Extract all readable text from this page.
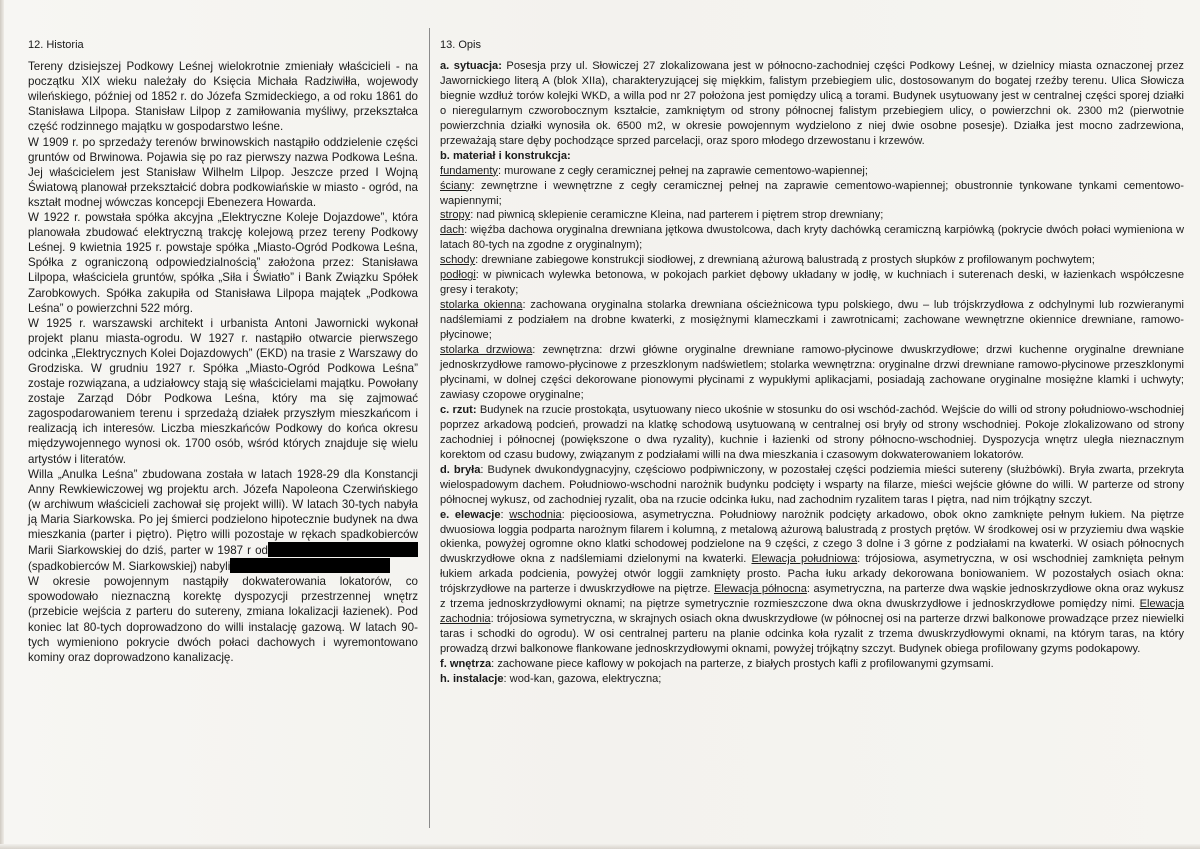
12. Historia

Tereny dzisiejszej Podkowy Leśnej wielokrotnie zmieniały właścicieli - na początku XIX wieku należały do Księcia Michała Radziwiłła, wojewody wileńskiego, później od 1852 r. do Józefa Szmideckiego, a od roku 1861 do Stanisława Lilpopa. Stanisław Lilpop z zamiłowania myśliwy, przekształca część rodzinnego majątku w gospodarstwo leśne.

W 1909 r. po sprzedaży terenów brwinowskich nastąpiło oddzielenie części gruntów od Brwinowa. Pojawia się po raz pierwszy nazwa Podkowa Leśna. Jej właścicielem jest Stanisław Wilhelm Lilpop. Jeszcze przed I Wojną Światową planował przekształcić dobra podkowiańskie w miasto - ogród, na kształt modnej wówczas koncepcji Ebenezera Howarda.

W 1922 r. powstała spółka akcyjna „Elektryczne Koleje Dojazdowe”, która planowała zbudować elektryczną trakcję kolejową przez tereny Podkowy Leśnej. 9 kwietnia 1925 r. powstaje spółka „Miasto-Ogród Podkowa Leśna, Spółka z ograniczoną odpowiedzialnością” założona przez: Stanisława Lilpopa, właściciela gruntów, spółka „Siła i Światło” i Bank Związku Spółek Zarobkowych. Spółka zakupiła od Stanisława Lilpopa majątek „Podkowa Leśna” o powierzchni 522 mórg.

W 1925 r. warszawski architekt i urbanista Antoni Jawornicki wykonał projekt planu miasta-ogrodu. W 1927 r. nastąpiło otwarcie pierwszego odcinka „Elektrycznych Kolei Dojazdowych” (EKD) na trasie z Warszawy do Grodziska. W grudniu 1927 r. Spółka „Miasto-Ogród Podkowa Leśna” zostaje rozwiązana, a udziałowcy stają się właścicielami majątku. Powołany zostaje Zarząd Dóbr Podkowa Leśna, który ma się zajmować zagospodarowaniem terenu i sprzedażą działek przyszłym mieszkańcom i realizacją ich interesów. Liczba mieszkańców Podkowy do końca okresu międzywojennego wynosi ok. 1700 osób, wśród których znajduje się wielu artystów i literatów.

Willa „Anulka Leśna” zbudowana została w latach 1928-29 dla Konstancji Anny Rewkiewiczowej wg projektu arch. Józefa Napoleona Czerwińskiego (w archiwum właścicieli zachował się projekt willi). W latach 30-tych nabyła ją Maria Siarkowska. Po jej śmierci podzielono hipotecznie budynek na dwa mieszkania (parter i piętro). Piętro willi pozostaje w rękach spadkobierców Marii Siarkowskiej do dziś, parter w 1987 r od (spadkobierców M. Siarkowskiej) nabyli

W okresie powojennym nastąpiły dokwaterowania lokatorów, co spowodowało nieznaczną korektę dyspozycji przestrzennej wnętrz (przebicie wejścia z parteru do sutereny, zmiana lokalizacji łazienek). Pod koniec lat 80-tych doprowadzono do willi instalację gazową. W latach 90-tych wymieniono pokrycie dwóch połaci dachowych i wyremontowano kominy oraz doprowadzono kanalizację.

13. Opis

a. sytuacja: Posesja przy ul. Słowiczej 27 zlokalizowana jest w północno-zachodniej części Podkowy Leśnej, w dzielnicy miasta oznaczonej przez Jawornickiego literą A (blok XIIa), charakteryzującej się miękkim, falistym przebiegiem ulic, dostosowanym do bogatej rzeźby terenu. Ulica Słowicza biegnie wzdłuż torów kolejki WKD, a willa pod nr 27 położona jest pomiędzy ulicą a torami. Budynek usytuowany jest w centralnej części sporej działki o nieregularnym czworobocznym kształcie, zamkniętym od strony północnej falistym przebiegiem ulicy, o powierzchni ok. 2300 m2 (pierwotnie powierzchnia działki wynosiła ok. 6500 m2, w okresie powojennym wydzielono z niej dwie osobne posesje). Działka jest mocno zadrzewiona, przeważają stare dęby pochodzące sprzed parcelacji, oraz sporo młodego drzewostanu i krzewów.

b. materiał i konstrukcja:

fundamenty: murowane z cegły ceramicznej pełnej na zaprawie cementowo-wapiennej;

ściany: zewnętrzne i wewnętrzne z cegły ceramicznej pełnej na zaprawie cementowo-wapiennej; obustronnie tynkowane tynkami cementowo-wapiennymi;

stropy: nad piwnicą sklepienie ceramiczne Kleina, nad parterem i piętrem strop drewniany;

dach: więźba dachowa oryginalna drewniana jętkowa dwustolcowa, dach kryty dachówką ceramiczną karpiówką (pokrycie dwóch połaci wymieniona w latach 80-tych na zgodne z oryginalnym);

schody: drewniane zabiegowe konstrukcji siodłowej, z drewnianą ażurową balustradą z prostych słupków z profilowanym pochwytem;

podłogi: w piwnicach wylewka betonowa, w pokojach parkiet dębowy układany w jodłę, w kuchniach i suterenach deski, w łazienkach współczesne gresy i terakoty;

stolarka okienna: zachowana oryginalna stolarka drewniana ościeżnicowa typu polskiego, dwu – lub trójskrzydłowa z odchylnymi lub rozwieranymi nadślemiami z podziałem na drobne kwaterki, z mosiężnymi klameczkami i zawrotnicami; zachowane wewnętrzne okiennice drewniane, ramowo-płycinowe;

stolarka drzwiowa: zewnętrzna: drzwi główne oryginalne drewniane ramowo-płycinowe dwuskrzydłowe; drzwi kuchenne oryginalne drewniane jednoskrzydłowe ramowo-płycinowe z przeszklonym nadświetlem; stolarka wewnętrzna: oryginalne drzwi drewniane ramowo-płycinowe przeszklonymi płycinami, w dolnej części dekorowane pionowymi płycinami z wypukłymi aplikacjami, posiadają zachowane oryginalne mosiężne klamki i uchwyty; zawiasy czopowe oryginalne;

c. rzut: Budynek na rzucie prostokąta, usytuowany nieco ukośnie w stosunku do osi wschód-zachód. Wejście do willi od strony południowo-wschodniej poprzez arkadową podcień, prowadzi na klatkę schodową usytuowaną w centralnej osi bryły od strony wschodniej. Pokoje zlokalizowano od strony zachodniej i północnej (powiększone o dwa ryzality), kuchnie i łazienki od strony północno-wschodniej. Dyspozycja wnętrz uległa nieznacznym korektom od czasu budowy, związanym z podziałami willi na dwa mieszkania i czasowym dokwaterowaniem lokatorów.

d. bryła: Budynek dwukondygnacyjny, częściowo podpiwniczony, w pozostałej części podziemia mieści sutereny (służbówki). Bryła zwarta, przekryta wielospadowym dachem. Południowo-wschodni narożnik budynku podcięty i wsparty na filarze, mieści wejście główne do willi. W parterze od strony północnej wykusz, od zachodniej ryzalit, oba na rzucie odcinka łuku, nad zachodnim ryzalitem taras I piętra, nad nim trójkątny szczyt.

e. elewacje: wschodnia: pięcioosiowa, asymetryczna. Południowy narożnik podcięty arkadowo, obok okno zamknięte pełnym łukiem. Na piętrze dwuosiowa loggia podparta narożnym filarem i kolumną, z metalową ażurową balustradą z prostych prętów. W środkowej osi w przyziemiu dwa wąskie okienka, powyżej ogromne okno klatki schodowej podzielone na 9 części, z czego 3 dolne i 3 górne z podziałami na kwaterki. W osiach północnych dwuskrzydłowe okna z nadślemiami dzielonymi na kwaterki. Elewacja południowa: trójosiowa, asymetryczna, w osi wschodniej zamknięta pełnym łukiem arkada podcienia, powyżej otwór loggii zamknięty prosto. Pacha łuku arkady dekorowana boniowaniem. W pozostałych osiach okna: trójskrzydłowe na parterze i dwuskrzydłowe na piętrze. Elewacja północna: asymetryczna, na parterze dwa wąskie jednoskrzydłowe okna oraz wykusz z trzema jednoskrzydłowymi oknami; na piętrze symetrycznie rozmieszczone dwa okna dwuskrzydłowe i jednoskrzydłowe pomiędzy nimi. Elewacja zachodnia: trójosiowa symetryczna, w skrajnych osiach okna dwuskrzydłowe (w północnej osi na parterze drzwi balkonowe prowadzące przez niewielki taras i schodki do ogrodu). W osi centralnej parteru na planie odcinka koła ryzalit z trzema dwuskrzydłowymi oknami, na którym taras, na który prowadzą drzwi balkonowe flankowane jednoskrzydłowymi oknami, powyżej trójkątny szczyt. Budynek obiega profilowany gzyms podokapowy.

f. wnętrza: zachowane piece kaflowy w pokojach na parterze, z białych prostych kafli z profilowanymi gzymsami.

h. instalacje: wod-kan, gazowa, elektryczna;
